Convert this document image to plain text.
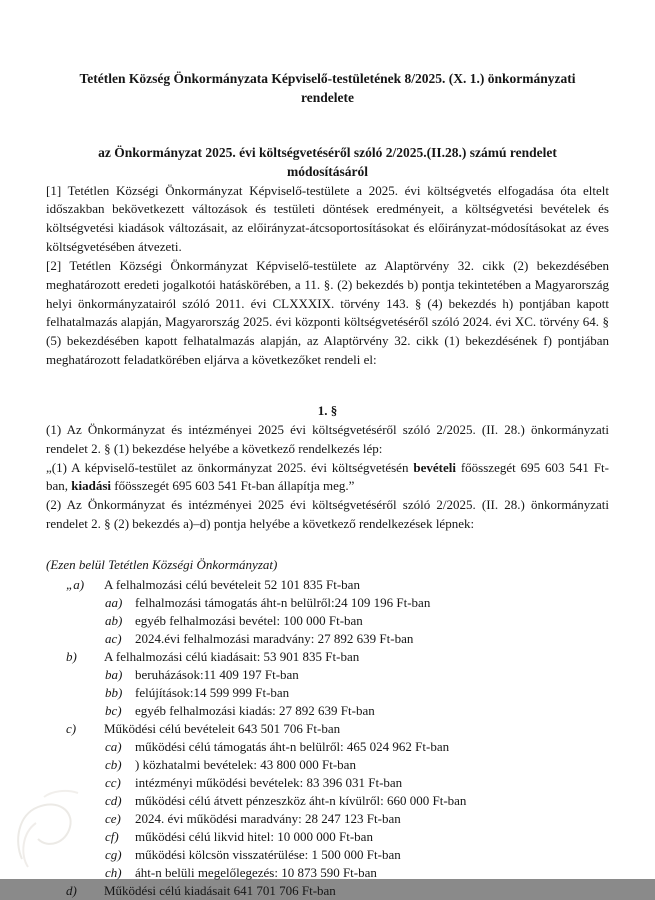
Tetétlen Község Önkormányzata Képviselő-testületének 8/2025. (X. 1.) önkormányzati rendelete
az Önkormányzat 2025. évi költségvetéséről szóló 2/2025.(II.28.) számú rendelet módosításáról

[1] Tetétlen Községi Önkormányzat Képviselő-testülete a 2025. évi költségvetés elfogadása óta eltelt időszakban bekövetkezett változások és testületi döntések eredményeit, a költségvetési bevételek és költségvetési kiadások változásait, az előirányzat-átcsoportosításokat és előirányzat-módosításokat az éves költségvetésében átvezeti.

[2] Tetétlen Községi Önkormányzat Képviselő-testülete az Alaptörvény 32. cikk (2) bekezdésében meghatározott eredeti jogalkotói hatáskörében, a 11. §. (2) bekezdés b) pontja tekintetében a Magyarország helyi önkormányzatairól szóló 2011. évi CLXXXIX. törvény 143. § (4) bekezdés h) pontjában kapott felhatalmazás alapján, Magyarország 2025. évi központi költségvetéséről szóló 2024. évi XC. törvény 64. § (5) bekezdésében kapott felhatalmazás alapján, az Alaptörvény 32. cikk (1) bekezdésének f) pontjában meghatározott feladatkörében eljárva a következőket rendeli el:

1. §

(1) Az Önkormányzat és intézményei 2025 évi költségvetéséről szóló 2/2025. (II. 28.) önkormányzati rendelet 2. § (1) bekezdése helyébe a következő rendelkezés lép:

„(1) A képviselő-testület az önkormányzat 2025. évi költségvetésén bevételi főösszegét 695 603 541 Ft-ban, kiadási főösszegét 695 603 541 Ft-ban állapítja meg.”

(2) Az Önkormányzat és intézményei 2025 évi költségvetéséről szóló 2/2025. (II. 28.) önkormányzati rendelet 2. § (2) bekezdés a)–d) pontja helyébe a következő rendelkezések lépnek:

(Ezen belül Tetétlen Községi Önkormányzat)
„a)	A felhalmozási célú bevételeit 52 101 835 Ft-ban
aa) felhalmozási támogatás áht-n belülről:24 109 196 Ft-ban
ab) egyéb felhalmozási bevétel: 100 000 Ft-ban
ac)	2024.évi felhalmozási maradvány: 27 892 639 Ft-ban
b)	A felhalmozási célú kiadásait: 53 901 835 Ft-ban
ba) beruházások:11 409 197 Ft-ban
bb) felújítások:14 599 999 Ft-ban
bc)	egyéb felhalmozási kiadás: 27 892 639 Ft-ban
c)	Működési célú bevételeit 643 501 706 Ft-ban
ca)	működési célú támogatás áht-n belülről: 465 024 962 Ft-ban
cb)	) közhatalmi bevételek: 43 800 000 Ft-ban
cc)	intézményi működési bevételek: 83 396 031 Ft-ban
cd)	működési célú átvett pénzeszköz áht-n kívülről: 660 000 Ft-ban
ce)	2024. évi működési maradvány: 28 247 123 Ft-ban
cf)	működési célú likvid hitel: 10 000 000 Ft-ban
cg)	működési kölcsön visszatérülése: 1 500 000 Ft-ban
ch)	áht-n belüli megelőlegezés: 10 873 590 Ft-ban
d)	Működési célú kiadásait 641 701 706 Ft-ban
